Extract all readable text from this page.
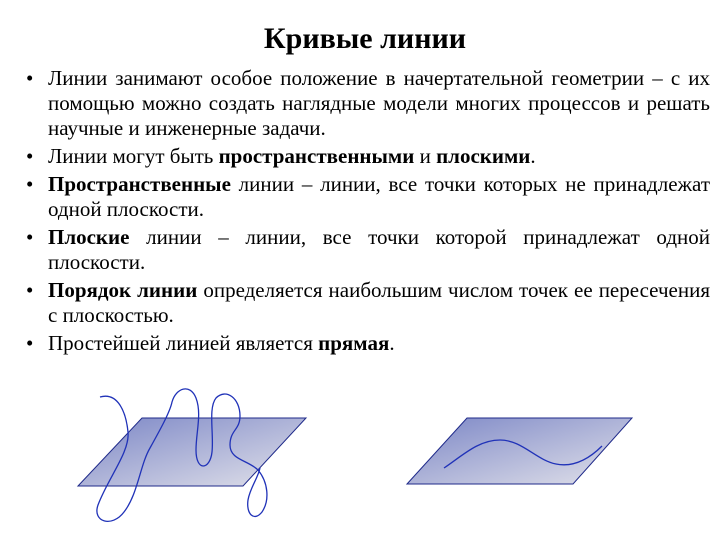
Кривые линии
• Линии занимают особое положение в начертательной геометрии – с их помощью можно создать наглядные модели многих процессов и решать научные и инженерные задачи.
• Линии могут быть пространственными и плоскими.
• Пространственные линии – линии, все точки которых не принадлежат одной плоскости.
• Плоские линии – линии, все точки которой принадлежат одной плоскости.
• Порядок линии определяется наибольшим числом точек ее пересечения с плоскостью.
• Простейшей линией является прямая.
